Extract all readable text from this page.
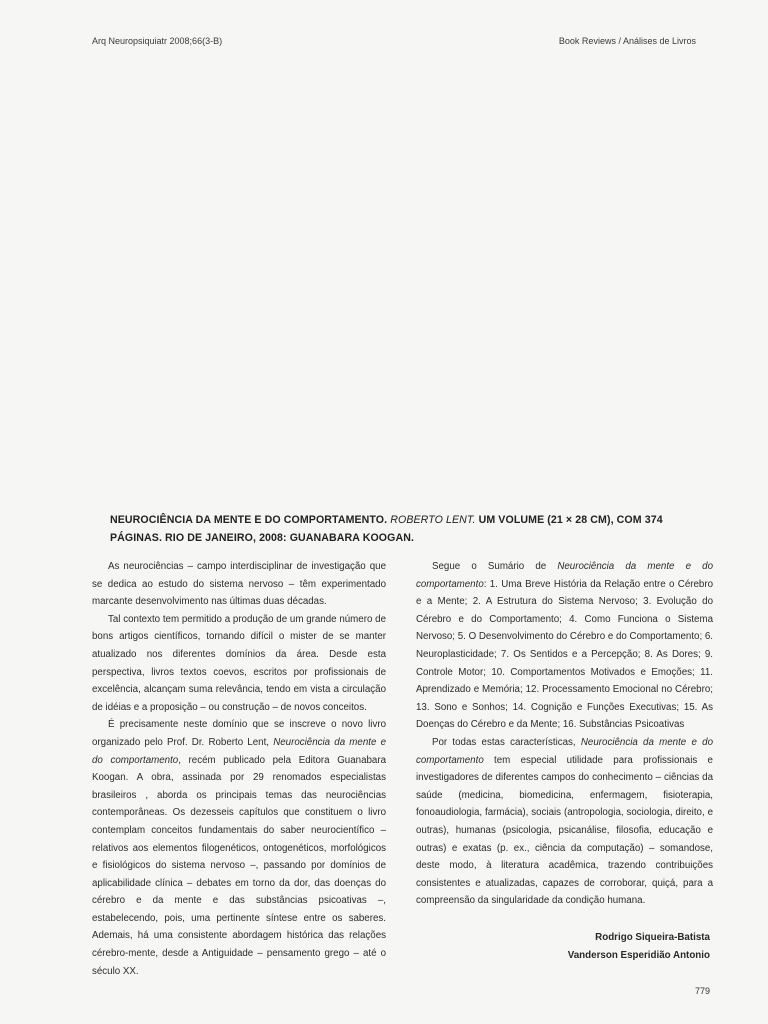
Arq Neuropsiquiatr 2008;66(3-B)	Book Reviews / Análises de Livros
NEUROCIÊNCIA DA MENTE E DO COMPORTAMENTO. ROBERTO LENT. UM VOLUME (21 × 28 CM), COM 374 PÁGINAS. RIO DE JANEIRO, 2008: GUANABARA KOOGAN.

As neurociências – campo interdisciplinar de investigação que se dedica ao estudo do sistema nervoso – têm experimentado marcante desenvolvimento nas últimas duas décadas.

Tal contexto tem permitido a produção de um grande número de bons artigos científicos, tornando difícil o mister de se manter atualizado nos diferentes domínios da área. Desde esta perspectiva, livros textos coevos, escritos por profissionais de excelência, alcançam suma relevância, tendo em vista a circulação de idéias e a proposição – ou construção – de novos conceitos.

É precisamente neste domínio que se inscreve o novo livro organizado pelo Prof. Dr. Roberto Lent, Neurociência da mente e do comportamento, recém publicado pela Editora Guanabara Koogan. A obra, assinada por 29 renomados especialistas brasileiros , aborda os principais temas das neurociências contemporâneas. Os dezesseis capítulos que constituem o livro contemplam conceitos fundamentais do saber neurocientífico – relativos aos elementos filogenéticos, ontogenéticos, morfológicos e fisiológicos do sistema nervoso –, passando por domínios de aplicabilidade clínica – debates em torno da dor, das doenças do cérebro e da mente e das substâncias psicoativas –, estabelecendo, pois, uma pertinente síntese entre os saberes. Ademais, há uma consistente abordagem histórica das relações cérebro-mente, desde a Antiguidade – pensamento grego – até o século XX.

Segue o Sumário de Neurociência da mente e do comportamento: 1. Uma Breve História da Relação entre o Cérebro e a Mente; 2. A Estrutura do Sistema Nervoso; 3. Evolução do Cérebro e do Comportamento; 4. Como Funciona o Sistema Nervoso; 5. O Desenvolvimento do Cérebro e do Comportamento; 6. Neuroplasticidade; 7. Os Sentidos e a Percepção; 8. As Dores; 9. Controle Motor; 10. Comportamentos Motivados e Emoções; 11. Aprendizado e Memória; 12. Processamento Emocional no Cérebro; 13. Sono e Sonhos; 14. Cognição e Funções Executivas; 15. As Doenças do Cérebro e da Mente; 16. Substâncias Psicoativas

Por todas estas características, Neurociência da mente e do comportamento tem especial utilidade para profissionais e investigadores de diferentes campos do conhecimento – ciências da saúde (medicina, biomedicina, enfermagem, fisioterapia, fonoaudiologia, farmácia), sociais (antropologia, sociologia, direito, e outras), humanas (psicologia, psicanálise, filosofia, educação e outras) e exatas (p. ex., ciência da computação) – somandose, deste modo, à literatura acadêmica, trazendo contribuições consistentes e atualizadas, capazes de corroborar, quiçá, para a compreensão da singularidade da condição humana.

Rodrigo Siqueira-Batista
Vanderson Esperidião Antonio
779
